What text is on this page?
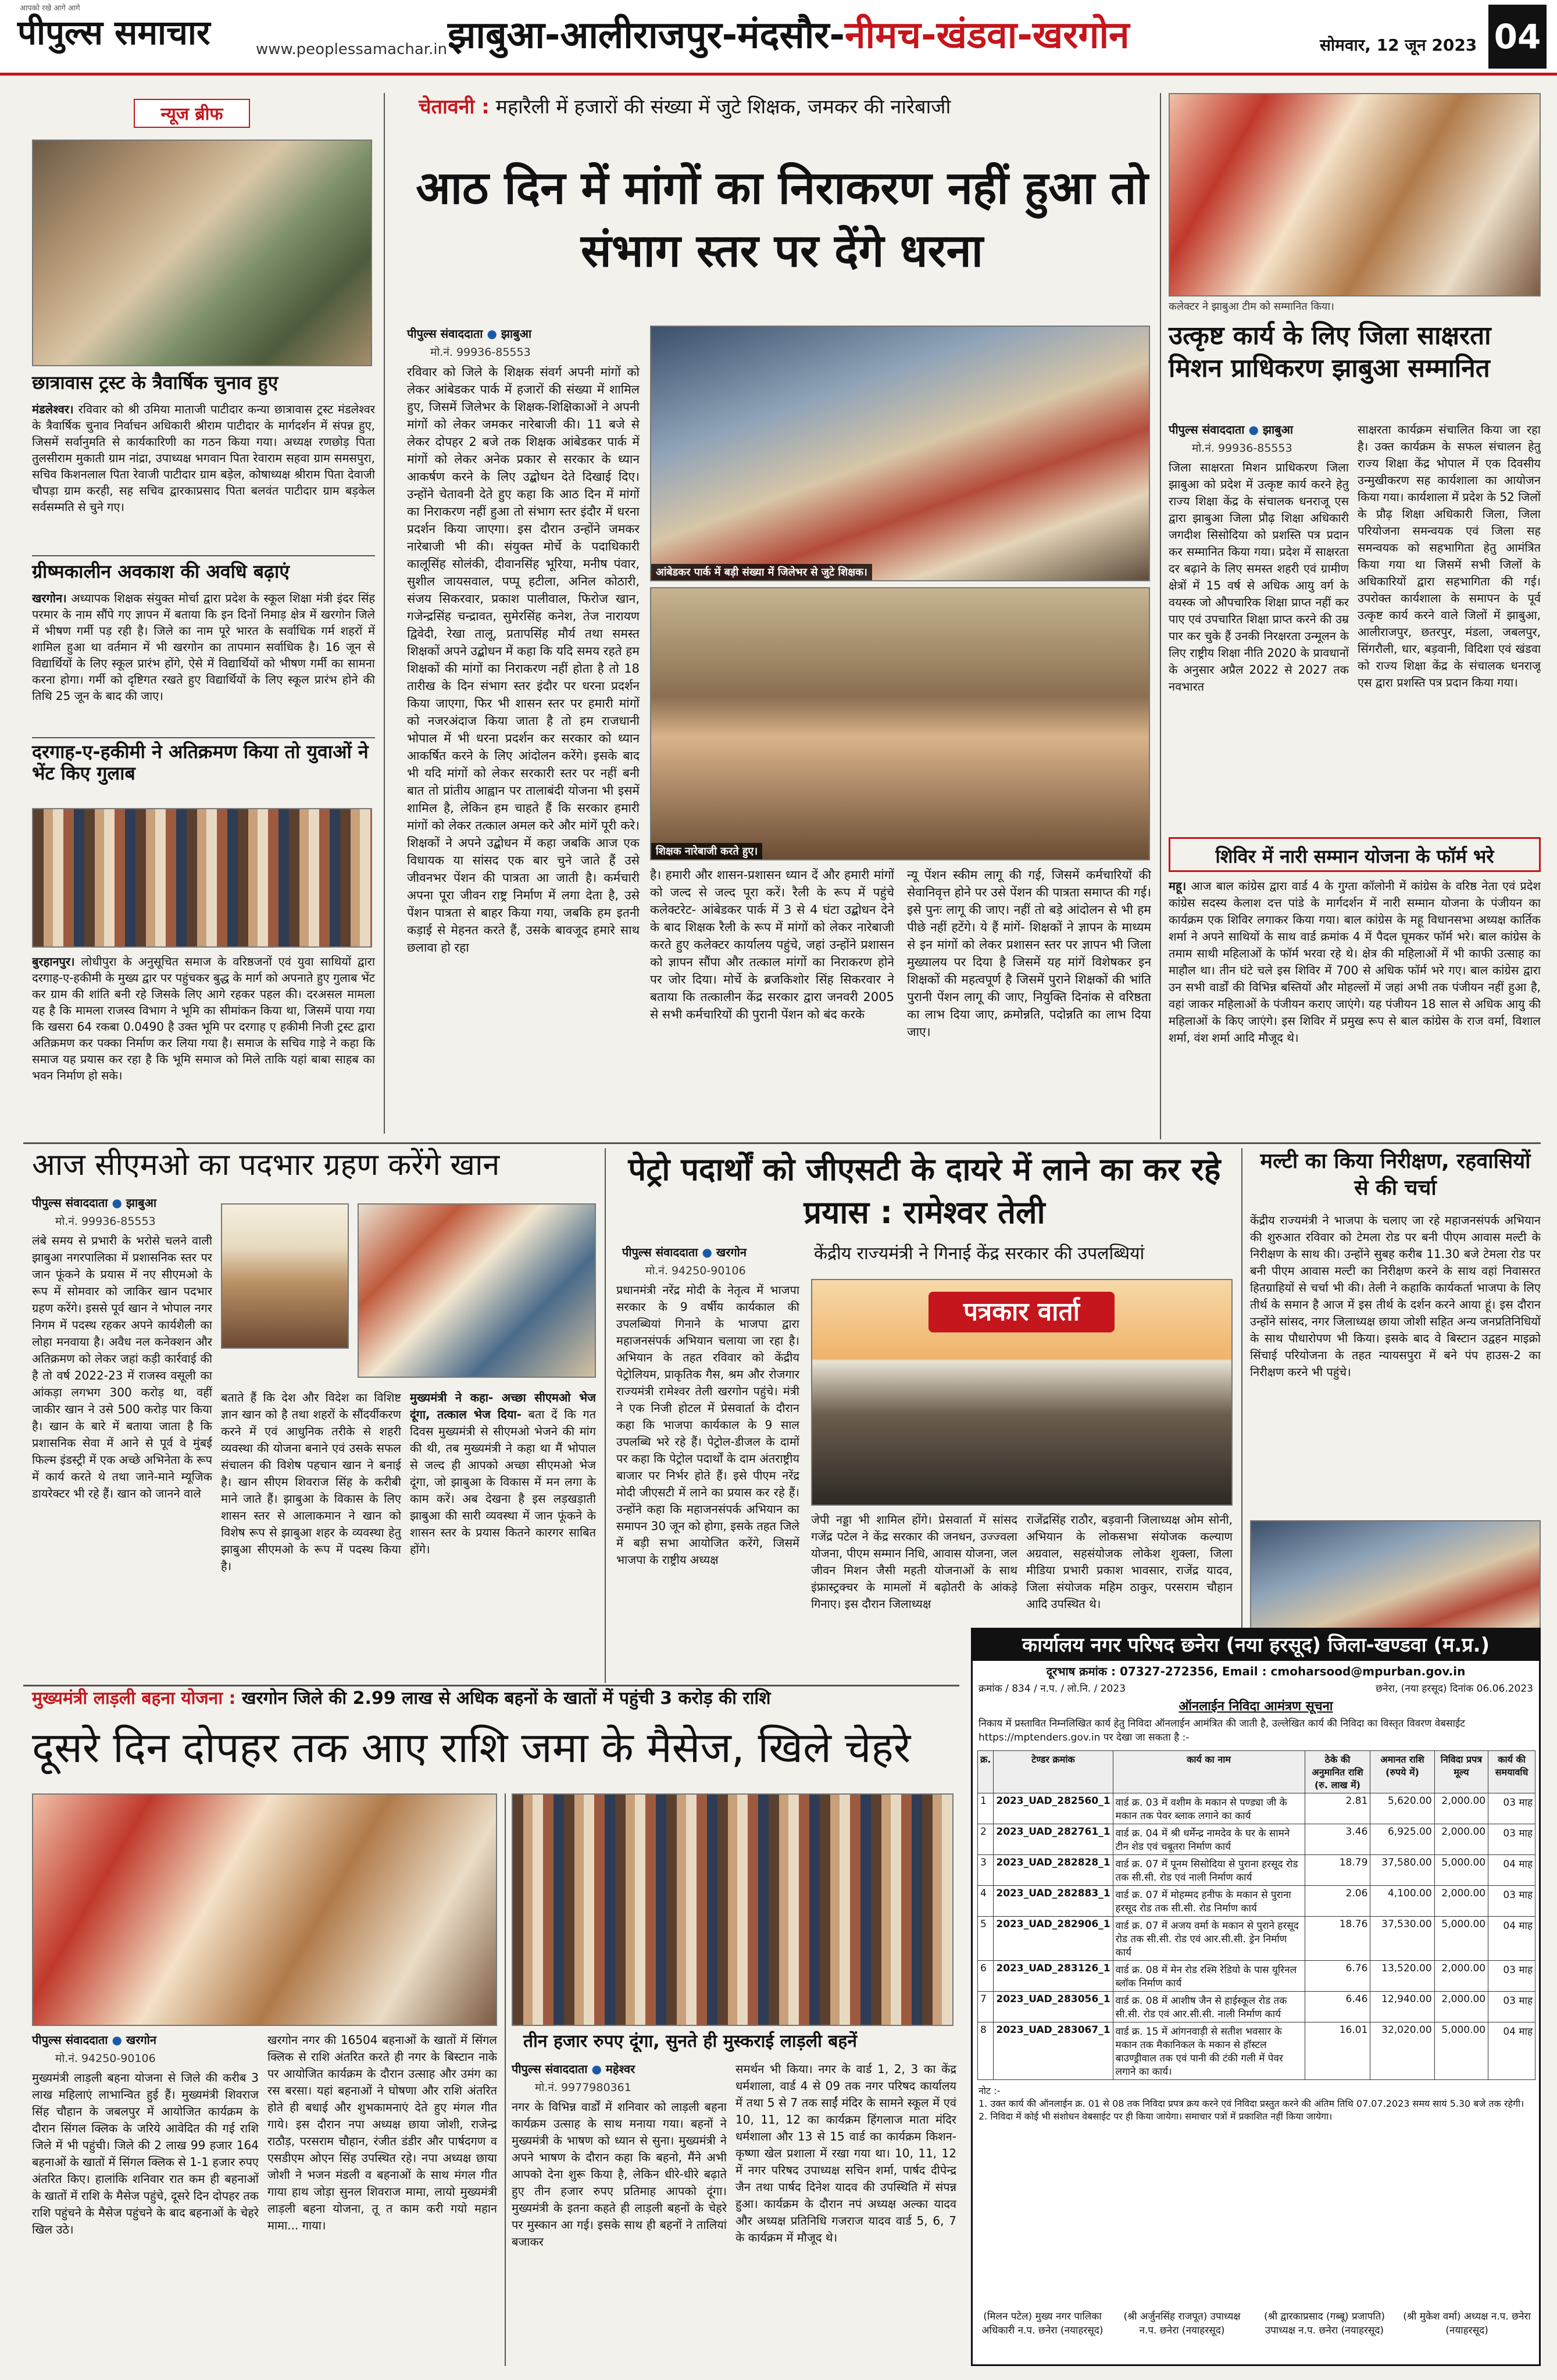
आपको रखे आगे आगे
पीपुल्स समाचार	www.peoplessamachar.in झाबुआ-आलीराजपुर-मंदसौर-नीमच-खंडवा-खरगोन	सोमवार, 12 जून 2023 04
न्यूज ब्रीफ
छात्रावास ट्रस्ट के त्रैवार्षिक चुनाव हुए
मंडलेश्वर। रविवार को श्री उमिया माताजी पाटीदार कन्या छात्रावास ट्रस्ट मंडलेश्वर के त्रैवार्षिक चुनाव निर्वाचन अधिकारी श्रीराम पाटीदार के मार्गदर्शन में संपन्न हुए, जिसमें सर्वानुमति से कार्यकारिणी का गठन किया गया। अध्यक्ष रणछोड़ पिता तुलसीराम मुकाती ग्राम नांद्रा, उपाध्यक्ष भगवान पिता रेवाराम सहवा ग्राम समसपुरा, सचिव किशनलाल पिता रेवाजी पाटीदार ग्राम बड़ेल, कोषाध्यक्ष श्रीराम पिता देवाजी चौपड़ा ग्राम करही, सह सचिव द्वारकाप्रसाद पिता बलवंत पाटीदार ग्राम बड़केल सर्वसम्मति से चुने गए।
ग्रीष्मकालीन अवकाश की अवधि बढ़ाएं
खरगोन। अध्यापक शिक्षक संयुक्त मोर्चा द्वारा प्रदेश के स्कूल शिक्षा मंत्री इंदर सिंह परमार के नाम सौंपे गए ज्ञापन में बताया कि इन दिनों निमाड़ क्षेत्र में खरगोन जिले में भीषण गर्मी पड़ रही है। जिले का नाम पूरे भारत के सर्वाधिक गर्म शहरों में शामिल हुआ था वर्तमान में भी खरगोन का तापमान सर्वाधिक है। 16 जून से विद्यार्थियों के लिए स्कूल प्रारंभ होंगे, ऐसे में विद्यार्थियों को भीषण गर्मी का सामना करना होगा। गर्मी को दृष्टिगत रखते हुए विद्यार्थियों के लिए स्कूल प्रारंभ होने की तिथि 25 जून के बाद की जाए।
दरगाह-ए-हकीमी ने अतिक्रमण किया तो युवाओं ने भेंट किए गुलाब
बुरहानपुर। लोधीपुरा के अनुसूचित समाज के वरिष्ठजनों एवं युवा साथियों द्वारा दरगाह-ए-हकीमी के मुख्य द्वार पर पहुंचकर बुद्ध के मार्ग को अपनाते हुए गुलाब भेंट कर ग्राम की शांति बनी रहे जिसके लिए आगे रहकर पहल की। दरअसल मामला यह है कि मामला राजस्व विभाग ने भूमि का सीमांकन किया था, जिसमें पाया गया कि खसरा 64 रकबा 0.0490 है उक्त भूमि पर दरगाह ए हकीमी निजी ट्रस्ट द्वारा अतिक्रमण कर पक्का निर्माण कर लिया गया है। समाज के सचिव गाड़े ने कहा कि समाज यह प्रयास कर रहा है कि भूमि समाज को मिले ताकि यहां बाबा साहब का भवन निर्माण हो सके।
चेतावनी : महारैली में हजारों की संख्या में जुटे शिक्षक, जमकर की नारेबाजी
आठ दिन में मांगों का निराकरण नहीं हुआ तो संभाग स्तर पर देंगे धरना
पीपुल्स संवाददाता ● झाबुआ
मो.नं. 99936-85553
रविवार को जिले के शिक्षक संवर्ग अपनी मांगों को लेकर आंबेडकर पार्क में हजारों की संख्या में शामिल हुए, जिसमें जिलेभर के शिक्षक-शिक्षिकाओं ने अपनी मांगों को लेकर जमकर नारेबाजी की। 11 बजे से लेकर दोपहर 2 बजे तक शिक्षक आंबेडकर पार्क में मांगों को लेकर अनेक प्रकार से सरकार के ध्यान आकर्षण करने के लिए उद्बोधन देते दिखाई दिए। उन्होंने चेतावनी देते हुए कहा कि आठ दिन में मांगों का निराकरण नहीं हुआ तो संभाग स्तर इंदौर में धरना प्रदर्शन किया जाएगा। इस दौरान उन्होंने जमकर नारेबाजी भी की। संयुक्त मोर्चे के पदाधिकारी कालूसिंह सोलंकी, दीवानसिंह भूरिया, मनीष पंवार, सुशील जायसवाल, पप्पू हटीला, अनिल कोठारी, संजय सिकरवार, प्रकाश पालीवाल, फिरोज खान, गजेन्द्रसिंह चन्द्रावत, सुमेरसिंह कनेश, तेज नारायण द्विवेदी, रेखा तालू, प्रतापसिंह मौर्य तथा समस्त शिक्षकों अपने उद्बोधन में कहा कि यदि समय रहते हम शिक्षकों की मांगों का निराकरण नहीं होता है तो 18 तारीख के दिन संभाग स्तर इंदौर पर धरना प्रदर्शन किया जाएगा, फिर भी शासन स्तर पर हमारी मांगों को नजरअंदाज किया जाता है तो हम राजधानी भोपाल में भी धरना प्रदर्शन कर सरकार को ध्यान आकर्षित करने के लिए आंदोलन करेंगे। इसके बाद भी यदि मांगों को लेकर सरकारी स्तर पर नहीं बनी बात तो प्रांतीय आह्वान पर तालाबंदी योजना भी इसमें शामिल है, लेकिन हम चाहते हैं कि सरकार हमारी मांगों को लेकर तत्काल अमल करे और मांगें पूरी करे। शिक्षकों ने अपने उद्बोधन में कहा जबकि आज एक विधायक या सांसद एक बार चुने जाते हैं उसे जीवनभर पेंशन की पात्रता आ जाती है। कर्मचारी अपना पूरा जीवन राष्ट्र निर्माण में लगा देता है, उसे पेंशन पात्रता से बाहर किया गया, जबकि हम इतनी कड़ाई से मेहनत करते हैं, उसके बावजूद हमारे साथ छलावा हो रहा
आंबेडकर पार्क में बड़ी संख्या में जिलेभर से जुटे शिक्षक।
शिक्षक नारेबाजी करते हुए।
है। हमारी और शासन-प्रशासन ध्यान दें और हमारी मांगों को जल्द से जल्द पूरा करें। रैली के रूप में पहुंचे कलेक्टरेट- आंबेडकर पार्क में 3 से 4 घंटा उद्बोधन देने के बाद शिक्षक रैली के रूप में मांगों को लेकर नारेबाजी करते हुए कलेक्टर कार्यालय पहुंचे, जहां उन्होंने प्रशासन को ज्ञापन सौंपा और तत्काल मांगों का निराकरण होने पर जोर दिया। मोर्चे के ब्रजकिशोर सिंह सिकरवार ने बताया कि तत्कालीन केंद्र सरकार द्वारा जनवरी 2005 से सभी कर्मचारियों की पुरानी पेंशन को बंद करके
न्यू पेंशन स्कीम लागू की गई, जिसमें कर्मचारियों की सेवानिवृत्त होने पर उसे पेंशन की पात्रता समाप्त की गई। इसे पुनः लागू की जाए। नहीं तो बड़े आंदोलन से भी हम पीछे नहीं हटेंगे। ये हैं मांगें- शिक्षकों ने ज्ञापन के माध्यम से इन मांगों को लेकर प्रशासन स्तर पर ज्ञापन भी जिला मुख्यालय पर दिया है जिसमें यह मांगें विशेषकर इन शिक्षकों की महत्वपूर्ण है जिसमें पुराने शिक्षकों की भांति पुरानी पेंशन लागू की जाए, नियुक्ति दिनांक से वरिष्ठता का लाभ दिया जाए, क्रमोन्नति, पदोन्नति का लाभ दिया जाए।
कलेक्टर ने झाबुआ टीम को सम्मानित किया।
उत्कृष्ट कार्य के लिए जिला साक्षरता मिशन प्राधिकरण झाबुआ सम्मानित
पीपुल्स संवाददाता ● झाबुआ
मो.नं. 99936-85553
जिला साक्षरता मिशन प्राधिकरण जिला झाबुआ को प्रदेश में उत्कृष्ट कार्य करने हेतु राज्य शिक्षा केंद्र के संचालक धनराजू एस द्वारा झाबुआ जिला प्रौढ़ शिक्षा अधिकारी जगदीश सिसोदिया को प्रशस्ति पत्र प्रदान कर सम्मानित किया गया। प्रदेश में साक्षरता दर बढ़ाने के लिए समस्त शहरी एवं ग्रामीण क्षेत्रों में 15 वर्ष से अधिक आयु वर्ग के वयस्क जो औपचारिक शिक्षा प्राप्त नहीं कर पाए एवं उपचारित शिक्षा प्राप्त करने की उम्र पार कर चुके हैं उनकी निरक्षरता उन्मूलन के लिए राष्ट्रीय शिक्षा नीति 2020 के प्रावधानों के अनुसार अप्रैल 2022 से 2027 तक नवभारत
साक्षरता कार्यक्रम संचालित किया जा रहा है। उक्त कार्यक्रम के सफल संचालन हेतु राज्य शिक्षा केंद्र भोपाल में एक दिवसीय उन्मुखीकरण सह कार्यशाला का आयोजन किया गया। कार्यशाला में प्रदेश के 52 जिलों के प्रौढ़ शिक्षा अधिकारी जिला, जिला परियोजना समन्वयक एवं जिला सह समन्वयक को सहभागिता हेतु आमंत्रित किया गया था जिसमें सभी जिलों के अधिकारियों द्वारा सहभागिता की गई। उपरोक्त कार्यशाला के समापन के पूर्व उत्कृष्ट कार्य करने वाले जिलों में झाबुआ, आलीराजपुर, छतरपुर, मंडला, जबलपुर, सिंगरौली, धार, बड़वानी, विदिशा एवं खंडवा को राज्य शिक्षा केंद्र के संचालक धनराजू एस द्वारा प्रशस्ति पत्र प्रदान किया गया।
शिविर में नारी सम्मान योजना के फॉर्म भरे
महू। आज बाल कांग्रेस द्वारा वार्ड 4 के गुग्ता कॉलोनी में कांग्रेस के वरिष्ठ नेता एवं प्रदेश कांग्रेस सदस्य केलाश दत्त पांडे के मार्गदर्शन में नारी सम्मान योजना के पंजीयन का कार्यक्रम एक शिविर लगाकर किया गया। बाल कांग्रेस के महू विधानसभा अध्यक्ष कार्तिक शर्मा ने अपने साथियों के साथ वार्ड क्रमांक 4 में पैदल घूमकर फॉर्म भरे। बाल कांग्रेस के तमाम साथी महिलाओं के फॉर्म भरवा रहे थे। क्षेत्र की महिलाओं में भी काफी उत्साह का माहौल था। तीन घंटे चले इस शिविर में 700 से अधिक फॉर्म भरे गए। बाल कांग्रेस द्वारा उन सभी वार्डों की विभिन्न बस्तियों और मोहल्लों में जहां अभी तक पंजीयन नहीं हुआ है, वहां जाकर महिलाओं के पंजीयन कराए जाएंगे। यह पंजीयन 18 साल से अधिक आयु की महिलाओं के किए जाएंगे। इस शिविर में प्रमुख रूप से बाल कांग्रेस के राज वर्मा, विशाल शर्मा, वंश शर्मा आदि मौजूद थे।
आज सीएमओ का पदभार ग्रहण करेंगे खान
पीपुल्स संवाददाता ● झाबुआ
मो.नं. 99936-85553
लंबे समय से प्रभारी के भरोसे चलने वाली झाबुआ नगरपालिका में प्रशासनिक स्तर पर जान फूंकने के प्रयास में नए सीएमओ के रूप में सोमवार को जाकिर खान पदभार ग्रहण करेंगे। इससे पूर्व खान ने भोपाल नगर निगम में पदस्थ रहकर अपने कार्यशैली का लोहा मनवाया है। अवैध नल कनेक्शन और अतिक्रमण को लेकर जहां कड़ी कार्रवाई की है तो वर्ष 2022-23 में राजस्व वसूली का आंकड़ा लगभग 300 करोड़ था, वहीं जाकीर खान ने उसे 500 करोड़ पार किया है। खान के बारे में बताया जाता है कि प्रशासनिक सेवा में आने से पूर्व वे मुंबई फिल्म इंडस्ट्री में एक अच्छे अभिनेता के रूप में कार्य करते थे तथा जाने-माने म्यूजिक डायरेक्टर भी रहे हैं। खान को जानने वाले
बताते हैं कि देश और विदेश का विशिष्ट ज्ञान खान को है तथा शहरों के सौंदर्यीकरण करने में एवं आधुनिक तरीके से शहरी व्यवस्था की योजना बनाने एवं उसके सफल संचालन की विशेष पहचान खान ने बनाई है। खान सीएम शिवराज सिंह के करीबी माने जाते हैं। झाबुआ के विकास के लिए शासन स्तर से आलाकमान ने खान को विशेष रूप से झाबुआ शहर के व्यवस्था हेतु झाबुआ सीएमओ के रूप में पदस्थ किया है।
मुख्यमंत्री ने कहा- अच्छा सीएमओ भेज दूंगा, तत्काल भेज दिया- बता दें कि गत दिवस मुख्यमंत्री से सीएमओ भेजने की मांग की थी, तब मुख्यमंत्री ने कहा था मैं भोपाल से जल्द ही आपको अच्छा सीएमओ भेज दूंगा, जो झाबुआ के विकास में मन लगा के काम करें। अब देखना है इस लड़खड़ाती झाबुआ की सारी व्यवस्था में जान फूंकने के शासन स्तर के प्रयास कितने कारगर साबित होंगे।
पेट्रो पदार्थों को जीएसटी के दायरे में लाने का कर रहे प्रयास : रामेश्वर तेली
पीपुल्स संवाददाता ● खरगोन
मो.नं. 94250-90106
केंद्रीय राज्यमंत्री ने गिनाई केंद्र सरकार की उपलब्धियां
प्रधानमंत्री नरेंद्र मोदी के नेतृत्व में भाजपा सरकार के 9 वर्षीय कार्यकाल की उपलब्धियां गिनाने के भाजपा द्वारा महाजनसंपर्क अभियान चलाया जा रहा है। अभियान के तहत रविवार को केंद्रीय पेट्रोलियम, प्राकृतिक गैस, श्रम और रोजगार राज्यमंत्री रामेश्वर तेली खरगोन पहुंचे। मंत्री ने एक निजी होटल में प्रेसवार्ता के दौरान कहा कि भाजपा कार्यकाल के 9 साल उपलब्धि भरे रहे हैं। पेट्रोल-डीजल के दामों पर कहा कि पेट्रोल पदार्थों के दाम अंतराष्ट्रीय बाजार पर निर्भर होते हैं। इसे पीएम नरेंद्र मोदी जीएसटी में लाने का प्रयास कर रहे हैं। उन्होंने कहा कि महाजनसंपर्क अभियान का समापन 30 जून को होगा, इसके तहत जिले में बड़ी सभा आयोजित करेंगे, जिसमें भाजपा के राष्ट्रीय अध्यक्ष
पत्रकार वार्ता
जेपी नड्डा भी शामिल होंगे। प्रेसवार्ता में सांसद गजेंद्र पटेल ने केंद्र सरकार की जनधन, उज्ज्वला योजना, पीएम सम्मान निधि, आवास योजना, जल जीवन मिशन जैसी महती योजनाओं के साथ इंफ्रास्ट्रक्चर के मामलों में बढ़ोतरी के आंकड़े गिनाए। इस दौरान जिलाध्यक्ष
राजेंद्रसिंह राठौर, बड़वानी जिलाध्यक्ष ओम सोनी, अभियान के लोकसभा संयोजक कल्याण अग्रवाल, सहसंयोजक लोकेश शुक्ला, जिला मीडिया प्रभारी प्रकाश भावसार, राजेंद्र यादव, जिला संयोजक महिम ठाकुर, परसराम चौहान आदि उपस्थित थे।
मल्टी का किया निरीक्षण, रहवासियों से की चर्चा
केंद्रीय राज्यमंत्री ने भाजपा के चलाए जा रहे महाजनसंपर्क अभियान की शुरुआत रविवार को टेमला रोड पर बनी पीएम आवास मल्टी के निरीक्षण के साथ की। उन्होंने सुबह करीब 11.30 बजे टेमला रोड पर बनी पीएम आवास मल्टी का निरीक्षण करने के साथ वहां निवासरत हितग्राहियों से चर्चा भी की। तेली ने कहाकि कार्यकर्ता भाजपा के लिए तीर्थ के समान है आज में इस तीर्थ के दर्शन करने आया हूं। इस दौरान उन्होंने सांसद, नगर जिलाध्यक्ष छाया जोशी सहित अन्य जनप्रतिनिधियों के साथ पौधारोपण भी किया। इसके बाद वे बिस्टान उद्वहन माइक्रो सिंचाई परियोजना के तहत न्यायसपुरा में बने पंप हाउस-2 का निरीक्षण करने भी पहुंचे।
मुख्यमंत्री लाड़ली बहना योजना : खरगोन जिले की 2.99 लाख से अधिक बहनों के खातों में पहुंची 3 करोड़ की राशि
दूसरे दिन दोपहर तक आए राशि जमा के मैसेज, खिले चेहरे
पीपुल्स संवाददाता ● खरगोन
मो.नं. 94250-90106
मुख्यमंत्री लाड़ली बहना योजना से जिले की करीब 3 लाख महिलाएं लाभान्वित हुई हैं। मुख्यमंत्री शिवराज सिंह चौहान के जबलपुर में आयोजित कार्यक्रम के दौरान सिंगल क्लिक के जरिये आवेदित की गई राशि जिले में भी पहुंची। जिले की 2 लाख 99 हजार 164 बहनाओं के खातों में सिंगल क्लिक से 1-1 हजार रुपए अंतरित किए। हालांकि शनिवार रात कम ही बहनाओं के खातों में राशि के मैसेज पहुंचे, दूसरे दिन दोपहर तक राशि पहुंचने के मैसेज पहुंचने के बाद बहनाओं के चेहरे खिल उठे।
खरगोन नगर की 16504 बहनाओं के खातों में सिंगल क्लिक से राशि अंतरित करते ही नगर के बिस्टान नाके पर आयोजित कार्यक्रम के दौरान उत्साह और उमंग का रस बरसा। यहां बहनाओं ने घोषणा और राशि अंतरित होते ही बधाई और शुभकामनाएं देते हुए मंगल गीत गाये। इस दौरान नपा अध्यक्ष छाया जोशी, राजेन्द्र राठौड़, परसराम चौहान, रंजीत डंडीर और पार्षदगण व एसडीएम ओएन सिंह उपस्थित रहे। नपा अध्यक्ष छाया जोशी ने भजन मंडली व बहनाओं के साथ मंगल गीत गाया हाथ जोड़ा सुनल शिवराज मामा, लायो मुख्यमंत्री लाड़ली बहना योजना, तू त काम करी गयो महान मामा... गाया।
तीन हजार रुपए दूंगा, सुनते ही मुस्कराई लाड़ली बहनें
पीपुल्स संवाददाता ● महेश्वर
मो.नं. 9977980361
नगर के विभिन्न वार्डों में शनिवार को लाड़ली बहना कार्यक्रम उत्साह के साथ मनाया गया। बहनों ने मुख्यमंत्री के भाषण को ध्यान से सुना। मुख्यमंत्री ने अपने भाषण के दौरान कहा कि बहनो, मैंने अभी आपको देना शुरू किया है, लेकिन धीरे-धीरे बढ़ाते हुए तीन हजार रुपए प्रतिमाह आपको दूंगा। मुख्यमंत्री के इतना कहते ही लाड़ली बहनों के चेहरे पर मुस्कान आ गई। इसके साथ ही बहनों ने तालियां बजाकर
समर्थन भी किया। नगर के वार्ड 1, 2, 3 का केंद्र धर्मशाला, वार्ड 4 से 09 तक नगर परिषद कार्यालय में तथा 5 से 7 तक साईं मंदिर के सामने स्कूल में एवं 10, 11, 12 का कार्यक्रम हिंगलाज माता मंदिर धर्मशाला और 13 से 15 वार्ड का कार्यक्रम किशन-कृष्णा खेल प्रशाला में रखा गया था। 10, 11, 12 में नगर परिषद उपाध्यक्ष सचिन शर्मा, पार्षद दीपेन्द्र जैन तथा पार्षद दिनेश यादव की उपस्थिति में संपन्न हुआ। कार्यक्रम के दौरान नपं अध्यक्ष अल्का यादव और अध्यक्ष प्रतिनिधि गजराज यादव वार्ड 5, 6, 7 के कार्यक्रम में मौजूद थे।
कार्यालय नगर परिषद छनेरा (नया हरसूद) जिला-खण्डवा (म.प्र.)
दूरभाष क्रमांक : 07327-272356, Email : cmoharsood@mpurban.gov.in
क्रमांक / 834 / न.प. / लो.नि. / 2023	छनेरा, (नया हरसूद) दिनांक 06.06.2023
ऑनलाईन निविदा आमंत्रण सूचना
निकाय में प्रस्तावित निम्नलिखित कार्य हेतु निविदा ऑनलाईन आमंत्रित की जाती है, उल्लेखित कार्य की निविदा का विस्तृत विवरण वेबसाईट https://mptenders.gov.in पर देखा जा सकता है :-
क्र.	टेण्डर क्रमांक	कार्य का नाम	ठेके की अनुमानित राशि (रु. लाख में)	अमानत राशि (रुपये में)	निविदा प्रपत्र मूल्य	कार्य की समयावधि
1	2023_UAD_282560_1	वार्ड क्र. 03 में वशीम के मकान से पण्ड्या जी के मकान तक पेवर ब्लाक लगाने का कार्य	2.81	5,620.00	2,000.00	03 माह
2	2023_UAD_282761_1	वार्ड क्र. 04 में श्री धर्मेन्द्र नामदेव के घर के सामने टीन शेड एवं चबूतरा निर्माण कार्य	3.46	6,925.00	2,000.00	03 माह
3	2023_UAD_282828_1	वार्ड क्र. 07 में पूनम सिसोदिया से पुराना हरसूद रोड तक सी.सी. रोड एवं नाली निर्माण कार्य	18.79	37,580.00	5,000.00	04 माह
4	2023_UAD_282883_1	वार्ड क्र. 07 में मोहम्मद हनीफ के मकान से पुराना हरसूद रोड तक सी.सी. रोड निर्माण कार्य	2.06	4,100.00	2,000.00	03 माह
5	2023_UAD_282906_1	वार्ड क्र. 07 में अजय वर्मा के मकान से पुराने हरसूद रोड तक सी.सी. रोड एवं आर.सी.सी. ड्रेन निर्माण कार्य	18.76	37,530.00	5,000.00	04 माह
6	2023_UAD_283126_1	वार्ड क्र. 08 में मेन रोड रश्मि रेडियो के पास यूरिनल ब्लॉक निर्माण कार्य	6.76	13,520.00	2,000.00	03 माह
7	2023_UAD_283056_1	वार्ड क्र. 08 में आशीष जैन से हाईस्कूल रोड तक सी.सी. रोड एवं आर.सी.सी. नाली निर्माण कार्य	6.46	12,940.00	2,000.00	03 माह
8	2023_UAD_283067_1	वार्ड क्र. 15 में आंगनवाड़ी से सतीश भवसार के मकान तक मैकानिकल के मकान से हॉस्टल बाउण्ड्रीवाल तक एवं पानी की टंकी गली में पेवर लगाने का कार्य।	16.01	32,020.00	5,000.00	04 माह
नोट :-
1. उक्त कार्य की ऑनलाईन क्र. 01 से 08 तक निविदा प्रपत्र क्रय करने एवं निविदा प्रस्तुत करने की अंतिम तिथि 07.07.2023 समय सायं 5.30 बजे तक रहेगी।
2. निविदा में कोई भी संशोधन वेबसाईट पर ही किया जायेगा। समाचार पत्रों में प्रकाशित नहीं किया जायेगा।
(मिलन पटेल) मुख्य नगर पालिका अधिकारी न.प. छनेरा (नयाहरसूद)
(श्री अर्जुनसिंह राजपूत) उपाध्यक्ष न.प. छनेरा (नयाहरसूद)
(श्री द्वारकाप्रसाद (गब्बू) प्रजापति) उपाध्यक्ष न.प. छनेरा (नयाहरसूद)
(श्री मुकेश वर्मा) अध्यक्ष न.प. छनेरा (नयाहरसूद)
